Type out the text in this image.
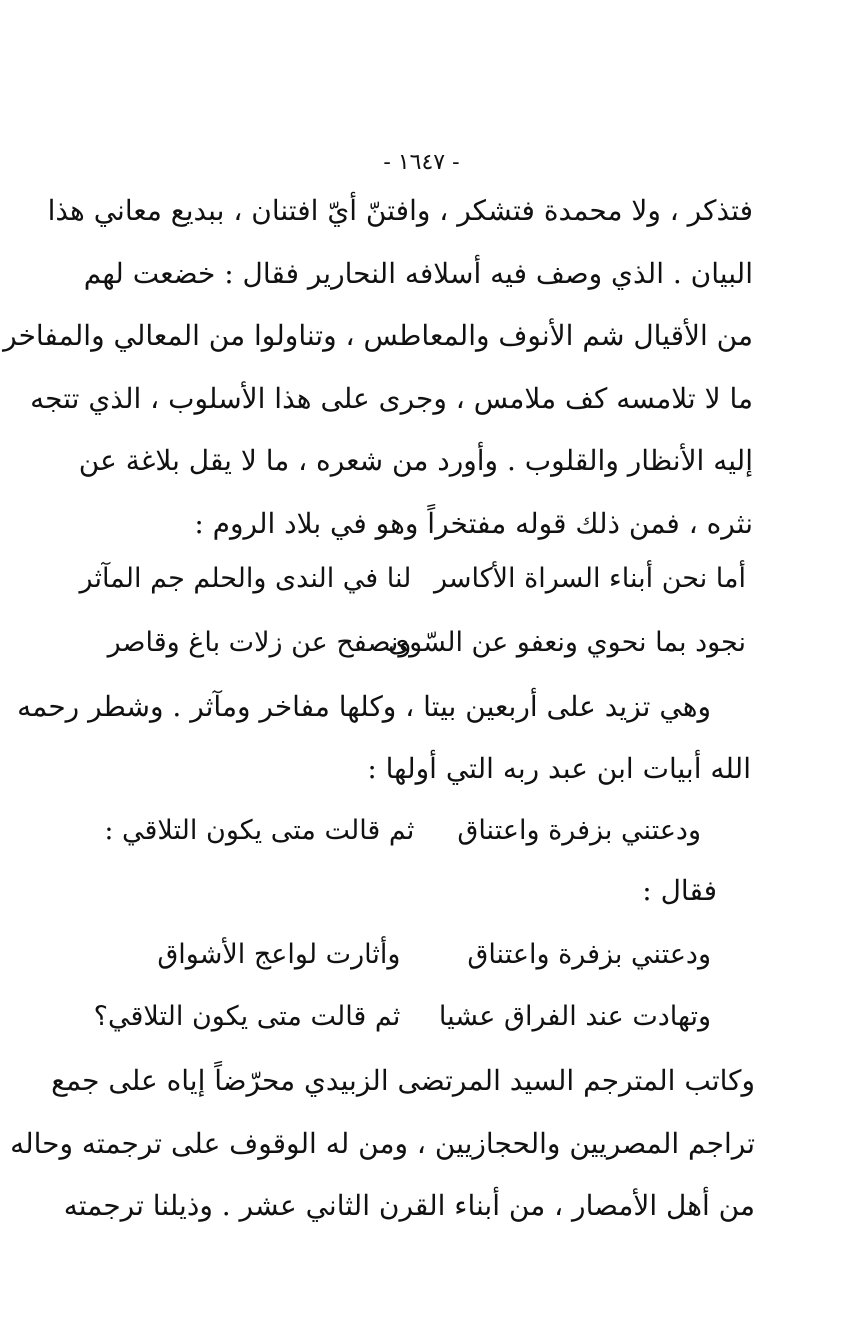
- ١٦٤٧ -
فتذكر ، ولا محمدة فتشكر ، وافتنّ أيّ افتنان ، ببديع معاني هذا
البيان . الذي وصف فيه أسلافه النحارير فقال : خضعت لهم
من الأقيال شم الأنوف والمعاطس ، وتناولوا من المعالي والمفاخر
ما لا تلامسه كف ملامس ، وجرى على هذا الأسلوب ، الذي تتجه
إليه الأنظار والقلوب . وأورد من شعره ، ما لا يقل بلاغة عن
نثره ، فمن ذلك قوله مفتخراً وهو في بلاد الروم :
أما نحن أبناء السراة الأكاسر لنا في الندى والحلم جم المآثر
نجود بما نحوي ونعفو عن السّوى ونصفح عن زلات باغ وقاصر
وهي تزيد على أربعين بيتا ، وكلها مفاخر ومآثر . وشطر رحمه
الله أبيات ابن عبد ربه التي أولها :
ودعتني بزفرة واعتناق ثم قالت متى يكون التلاقي :
فقال :
ودعتني بزفرة واعتناق وأثارت لواعج الأشواق
وتهادت عند الفراق عشيا ثم قالت متى يكون التلاقي؟
وكاتب المترجم السيد المرتضى الزبيدي محرّضاً إياه على جمع
تراجم المصريين والحجازيين ، ومن له الوقوف على ترجمته وحاله
من أهل الأمصار ، من أبناء القرن الثاني عشر . وذيلنا ترجمته
